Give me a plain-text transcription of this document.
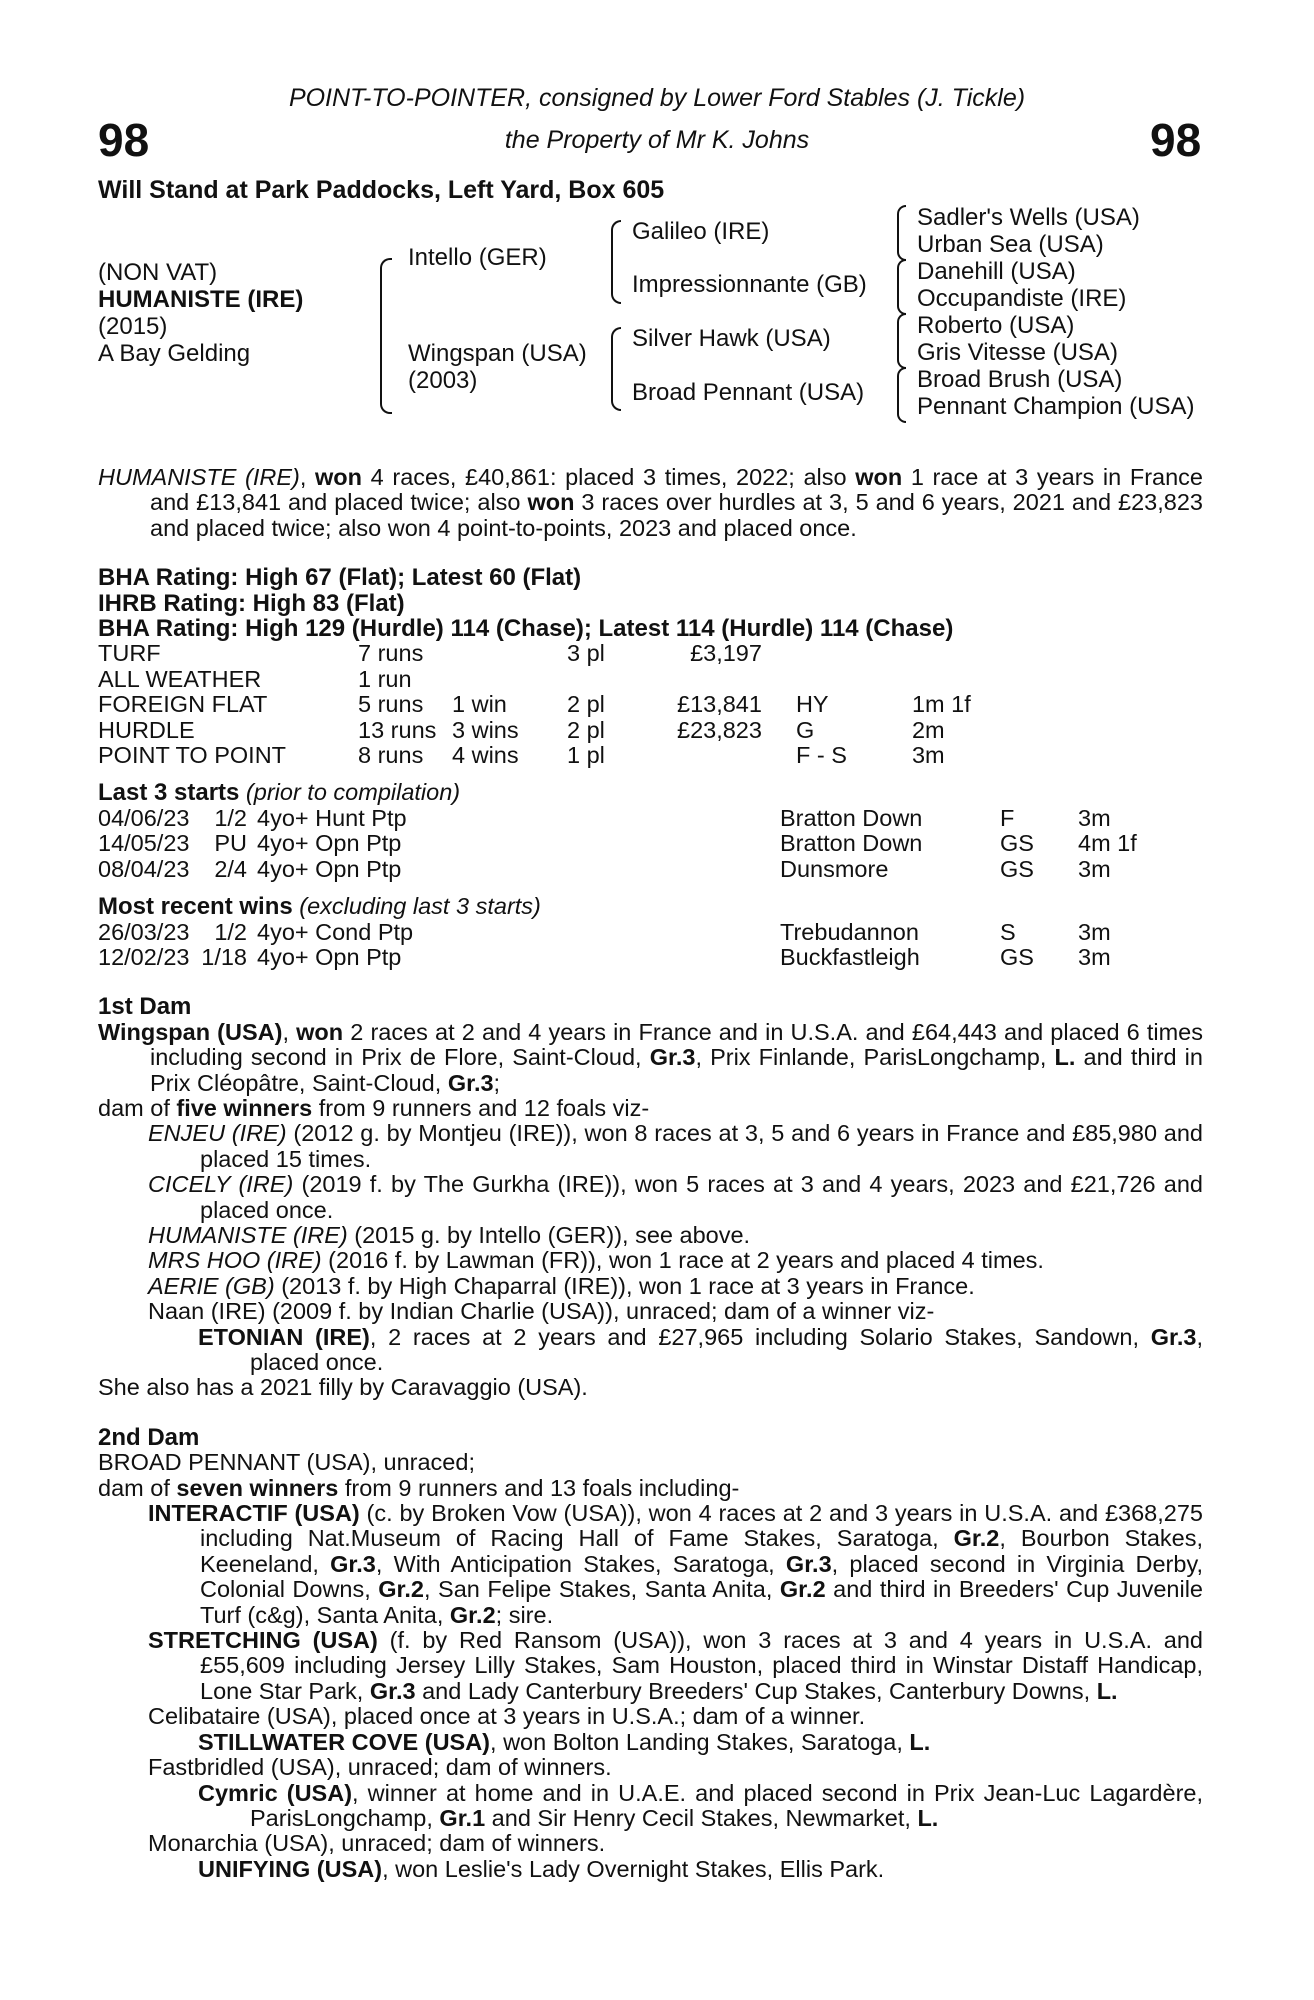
POINT-TO-POINTER, consigned by Lower Ford Stables (J. Tickle)
the Property of Mr K. Johns
98	98
Will Stand at Park Paddocks, Left Yard, Box 605
(NON VAT)
HUMANISTE (IRE)
(2015)
A Bay Gelding
Intello (GER)
Wingspan (USA)
(2003)
Galileo (IRE)
Impressionnante (GB)
Silver Hawk (USA)
Broad Pennant (USA)
Sadler's Wells (USA)
Urban Sea (USA)
Danehill (USA)
Occupandiste (IRE)
Roberto (USA)
Gris Vitesse (USA)
Broad Brush (USA)
Pennant Champion (USA)

HUMANISTE (IRE), won 4 races, £40,861: placed 3 times, 2022; also won 1 race at 3 years in France and £13,841 and placed twice; also won 3 races over hurdles at 3, 5 and 6 years, 2021 and £23,823 and placed twice; also won 4 point-to-points, 2023 and placed once.

BHA Rating: High 67 (Flat); Latest 60 (Flat)

IHRB Rating: High 83 (Flat)

BHA Rating: High 129 (Hurdle) 114 (Chase); Latest 114 (Hurdle) 114 (Chase)

TURF	7 runs		3 pl	£3,197			
ALL WEATHER	1 run						
FOREIGN FLAT	5 runs	1 win	2 pl	£13,841		HY	1m 1f
HURDLE	13 runs	3 wins	2 pl	£23,823		G	2m
POINT TO POINT	8 runs	4 wins	1 pl			F - S	3m

Last 3 starts (prior to compilation)

04/06/23	1/2	4yo+ Hunt Ptp	Bratton Down	F	3m
14/05/23	PU	4yo+ Opn Ptp	Bratton Down	GS	4m 1f
08/04/23	2/4	4yo+ Opn Ptp	Dunsmore	GS	3m

Most recent wins (excluding last 3 starts)

26/03/23	1/2	4yo+ Cond Ptp	Trebudannon	S	3m
12/02/23	1/18	4yo+ Opn Ptp	Buckfastleigh	GS	3m

1st Dam

Wingspan (USA), won 2 races at 2 and 4 years in France and in U.S.A. and £64,443 and placed 6 times including second in Prix de Flore, Saint-Cloud, Gr.3, Prix Finlande, ParisLongchamp, L. and third in Prix Cléopâtre, Saint-Cloud, Gr.3;

dam of five winners from 9 runners and 12 foals viz-

ENJEU (IRE) (2012 g. by Montjeu (IRE)), won 8 races at 3, 5 and 6 years in France and £85,980 and placed 15 times.

CICELY (IRE) (2019 f. by The Gurkha (IRE)), won 5 races at 3 and 4 years, 2023 and £21,726 and placed once.

HUMANISTE (IRE) (2015 g. by Intello (GER)), see above.

MRS HOO (IRE) (2016 f. by Lawman (FR)), won 1 race at 2 years and placed 4 times.

AERIE (GB) (2013 f. by High Chaparral (IRE)), won 1 race at 3 years in France.

Naan (IRE) (2009 f. by Indian Charlie (USA)), unraced; dam of a winner viz-

ETONIAN (IRE), 2 races at 2 years and £27,965 including Solario Stakes, Sandown, Gr.3, placed once.

She also has a 2021 filly by Caravaggio (USA).

2nd Dam

BROAD PENNANT (USA), unraced;

dam of seven winners from 9 runners and 13 foals including-

INTERACTIF (USA) (c. by Broken Vow (USA)), won 4 races at 2 and 3 years in U.S.A. and £368,275 including Nat.Museum of Racing Hall of Fame Stakes, Saratoga, Gr.2, Bourbon Stakes, Keeneland, Gr.3, With Anticipation Stakes, Saratoga, Gr.3, placed second in Virginia Derby, Colonial Downs, Gr.2, San Felipe Stakes, Santa Anita, Gr.2 and third in Breeders' Cup Juvenile Turf (c&g), Santa Anita, Gr.2; sire.

STRETCHING (USA) (f. by Red Ransom (USA)), won 3 races at 3 and 4 years in U.S.A. and £55,609 including Jersey Lilly Stakes, Sam Houston, placed third in Winstar Distaff Handicap, Lone Star Park, Gr.3 and Lady Canterbury Breeders' Cup Stakes, Canterbury Downs, L.

Celibataire (USA), placed once at 3 years in U.S.A.; dam of a winner.

STILLWATER COVE (USA), won Bolton Landing Stakes, Saratoga, L.

Fastbridled (USA), unraced; dam of winners.

Cymric (USA), winner at home and in U.A.E. and placed second in Prix Jean-Luc Lagardère, ParisLongchamp, Gr.1 and Sir Henry Cecil Stakes, Newmarket, L.

Monarchia (USA), unraced; dam of winners.

UNIFYING (USA), won Leslie's Lady Overnight Stakes, Ellis Park.
